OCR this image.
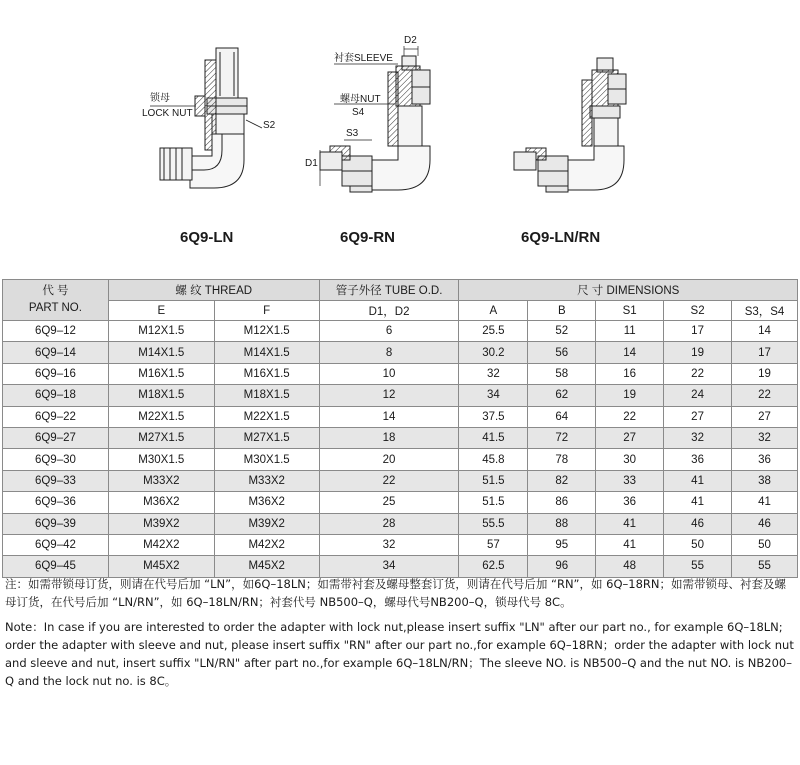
锁母
LOCK NUT
S2
D2
衬套SLEEVE
螺母NUT
S4
S3
D1
6Q9-LN	6Q9-RN	6Q9-LN/RN
代 号
PART NO.	螺 纹 THREAD		管子外径 TUBE O.D.	尺 寸 DIMENSIONS				
	E	F	D1，D2	A	B	S1	S2	S3，S4
6Q9–12	M12X1.5	M12X1.5	6	25.5	52	11	17	14
6Q9–14	M14X1.5	M14X1.5	8	30.2	56	14	19	17
6Q9–16	M16X1.5	M16X1.5	10	32	58	16	22	19
6Q9–18	M18X1.5	M18X1.5	12	34	62	19	24	22
6Q9–22	M22X1.5	M22X1.5	14	37.5	64	22	27	27
6Q9–27	M27X1.5	M27X1.5	18	41.5	72	27	32	32
6Q9–30	M30X1.5	M30X1.5	20	45.8	78	30	36	36
6Q9–33	M33X2	M33X2	22	51.5	82	33	41	38
6Q9–36	M36X2	M36X2	25	51.5	86	36	41	41
6Q9–39	M39X2	M39X2	28	55.5	88	41	46	46
6Q9–42	M42X2	M42X2	32	57	95	41	50	50
6Q9–45	M45X2	M45X2	34	62.5	96	48	55	55
注：如需带锁母订货，则请在代号后加 “LN”，如6Q–18LN；如需带衬套及螺母整套订货，则请在代号后加 “RN”，如 6Q–18RN；如需带锁母、衬套及螺母订货，在代号后加 “LN/RN”，如 6Q–18LN/RN；衬套代号 NB500–Q，螺母代号NB200–Q，锁母代号 8C。
Note：In case if you are interested to order the adapter with lock nut,please insert suffix "LN" after our part no., for example 6Q–18LN; order the adapter with sleeve and nut, please insert suffix "RN" after our part no.,for example 6Q–18RN；order the adapter with lock nut and sleeve and nut, insert suffix "LN/RN" after part no.,for example 6Q–18LN/RN；The sleeve NO. is NB500–Q and the nut NO. is NB200–Q and the lock nut no. is 8C。
